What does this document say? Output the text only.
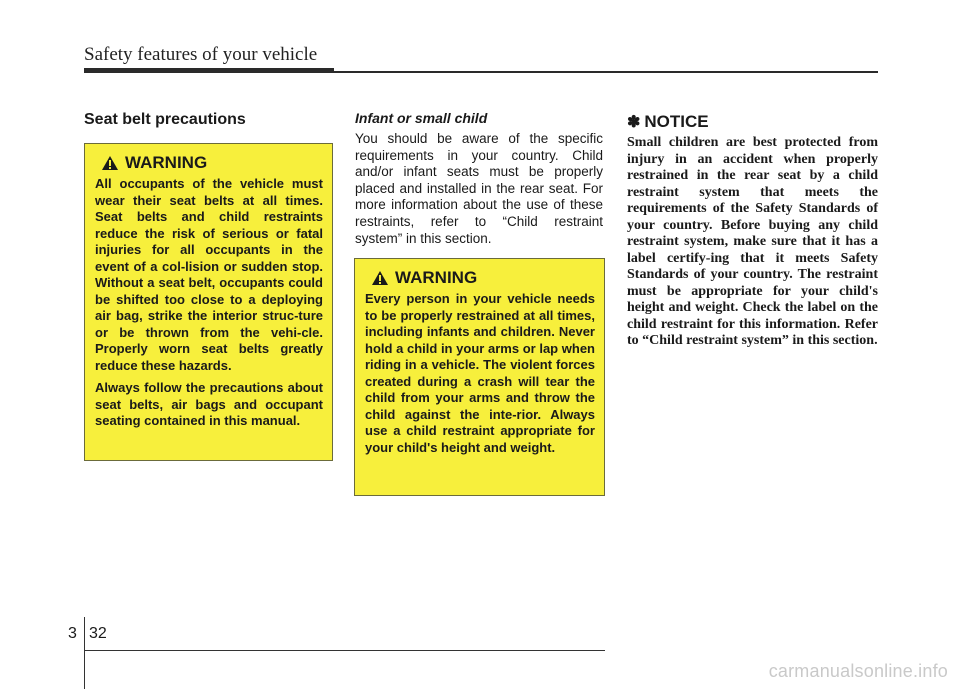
Safety features of your vehicle
Seat belt precautions
WARNING

All occupants of the vehicle must wear their seat belts at all times. Seat belts and child restraints reduce the risk of serious or fatal injuries for all occupants in the event of a col-lision or sudden stop. Without a seat belt, occupants could be shifted too close to a deploying air bag, strike the interior struc-ture or be thrown from the vehi-cle. Properly worn seat belts greatly reduce these hazards.

Always follow the precautions about seat belts, air bags and occupant seating contained in this manual.

Infant or small child

You should be aware of the specific requirements in your country. Child and/or infant seats must be properly placed and installed in the rear seat. For more information about the use of these restraints, refer to “Child restraint system” in this section.

WARNING

Every person in your vehicle needs to be properly restrained at all times, including infants and children. Never hold a child in your arms or lap when riding in a vehicle. The violent forces created during a crash will tear the child from your arms and throw the child against the inte-rior. Always use a child restraint appropriate for your child's height and weight.

✽ NOTICE

Small children are best protected from injury in an accident when properly restrained in the rear seat by a child restraint system that meets the requirements of the Safety Standards of your country. Before buying any child restraint system, make sure that it has a label certify-ing that it meets Safety Standards of your country. The restraint must be appropriate for your child's height and weight. Check the label on the child restraint for this information. Refer to “Child restraint system” in this section.

3 32
carmanualsonline.info
